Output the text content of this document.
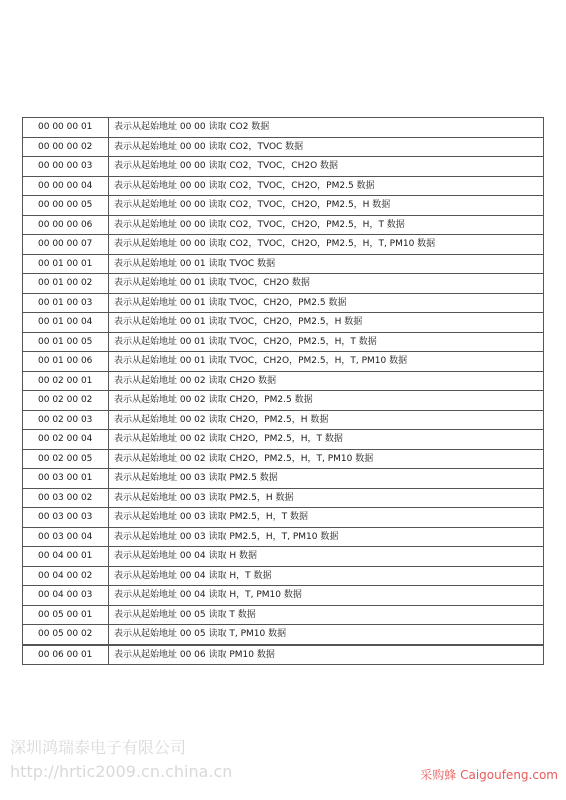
00 00 00 01	表示从起始地址 00 00 读取 CO2 数据
00 00 00 02	表示从起始地址 00 00 读取 CO2，TVOC 数据
00 00 00 03	表示从起始地址 00 00 读取 CO2，TVOC，CH2O 数据
00 00 00 04	表示从起始地址 00 00 读取 CO2，TVOC，CH2O，PM2.5 数据
00 00 00 05	表示从起始地址 00 00 读取 CO2，TVOC，CH2O，PM2.5，H 数据
00 00 00 06	表示从起始地址 00 00 读取 CO2，TVOC，CH2O，PM2.5，H，T 数据
00 00 00 07	表示从起始地址 00 00 读取 CO2，TVOC，CH2O，PM2.5，H，T, PM10 数据
00 01 00 01	表示从起始地址 00 01 读取 TVOC 数据
00 01 00 02	表示从起始地址 00 01 读取 TVOC，CH2O 数据
00 01 00 03	表示从起始地址 00 01 读取 TVOC，CH2O，PM2.5 数据
00 01 00 04	表示从起始地址 00 01 读取 TVOC，CH2O，PM2.5，H 数据
00 01 00 05	表示从起始地址 00 01 读取 TVOC，CH2O，PM2.5，H，T 数据
00 01 00 06	表示从起始地址 00 01 读取 TVOC，CH2O，PM2.5，H，T, PM10 数据
00 02 00 01	表示从起始地址 00 02 读取 CH2O 数据
00 02 00 02	表示从起始地址 00 02 读取 CH2O，PM2.5 数据
00 02 00 03	表示从起始地址 00 02 读取 CH2O，PM2.5，H 数据
00 02 00 04	表示从起始地址 00 02 读取 CH2O，PM2.5，H，T 数据
00 02 00 05	表示从起始地址 00 02 读取 CH2O，PM2.5，H，T, PM10 数据
00 03 00 01	表示从起始地址 00 03 读取 PM2.5 数据
00 03 00 02	表示从起始地址 00 03 读取 PM2.5，H 数据
00 03 00 03	表示从起始地址 00 03 读取 PM2.5，H，T 数据
00 03 00 04	表示从起始地址 00 03 读取 PM2.5，H，T, PM10 数据
00 04 00 01	表示从起始地址 00 04 读取 H 数据
00 04 00 02	表示从起始地址 00 04 读取 H，T 数据
00 04 00 03	表示从起始地址 00 04 读取 H，T, PM10 数据
00 05 00 01	表示从起始地址 00 05 读取 T 数据
00 05 00 02	表示从起始地址 00 05 读取 T, PM10 数据
00 06 00 01	表示从起始地址 00 06 读取 PM10 数据
深圳鸿瑞泰电子有限公司
http://hrtic2009.cn.china.cn	采购蜂 Caigoufeng.com
